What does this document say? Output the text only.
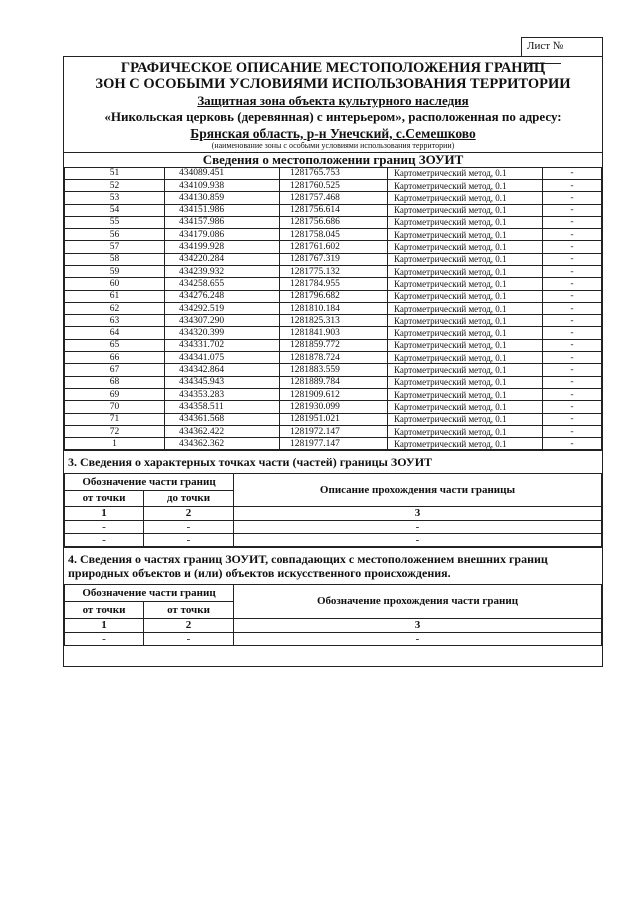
Лист №
ГРАФИЧЕСКОЕ ОПИСАНИЕ МЕСТОПОЛОЖЕНИЯ ГРАНИЦ
ЗОН С ОСОБЫМИ УСЛОВИЯМИ ИСПОЛЬЗОВАНИЯ ТЕРРИТОРИИ
Защитная зона объекта культурного наследия
«Никольская церковь (деревянная) с интерьером», расположенная по адресу:
Брянская область, р-н Унечский, с.Семешково
(наименование зоны с особыми условиями использования территории)
Сведения о местоположении границ ЗОУИТ
51	434089.451	1281765.753	Картометрический метод, 0.1	-
52	434109.938	1281760.525	Картометрический метод, 0.1	-
53	434130.859	1281757.468	Картометрический метод, 0.1	-
54	434151.986	1281756.614	Картометрический метод, 0.1	-
55	434157.986	1281756.686	Картометрический метод, 0.1	-
56	434179.086	1281758.045	Картометрический метод, 0.1	-
57	434199.928	1281761.602	Картометрический метод, 0.1	-
58	434220.284	1281767.319	Картометрический метод, 0.1	-
59	434239.932	1281775.132	Картометрический метод, 0.1	-
60	434258.655	1281784.955	Картометрический метод, 0.1	-
61	434276.248	1281796.682	Картометрический метод, 0.1	-
62	434292.519	1281810.184	Картометрический метод, 0.1	-
63	434307.290	1281825.313	Картометрический метод, 0.1	-
64	434320.399	1281841.903	Картометрический метод, 0.1	-
65	434331.702	1281859.772	Картометрический метод, 0.1	-
66	434341.075	1281878.724	Картометрический метод, 0.1	-
67	434342.864	1281883.559	Картометрический метод, 0.1	-
68	434345.943	1281889.784	Картометрический метод, 0.1	-
69	434353.283	1281909.612	Картометрический метод, 0.1	-
70	434358.511	1281930.099	Картометрический метод, 0.1	-
71	434361.568	1281951.021	Картометрический метод, 0.1	-
72	434362.422	1281972.147	Картометрический метод, 0.1	-
1	434362.362	1281977.147	Картометрический метод, 0.1	-
3. Сведения о характерных точках части (частей) границы ЗОУИТ
Обозначение части границ		Описание прохождения части границы
от точки	до точки	
1	2	3
-	-	-
-	-	-
4. Сведения о частях границ ЗОУИТ, совпадающих с местоположением внешних границ природных объектов и (или) объектов искусственного происхождения.
Обозначение части границ		Обозначение прохождения части границ
от точки	от точки	
1	2	3
-	-	-
